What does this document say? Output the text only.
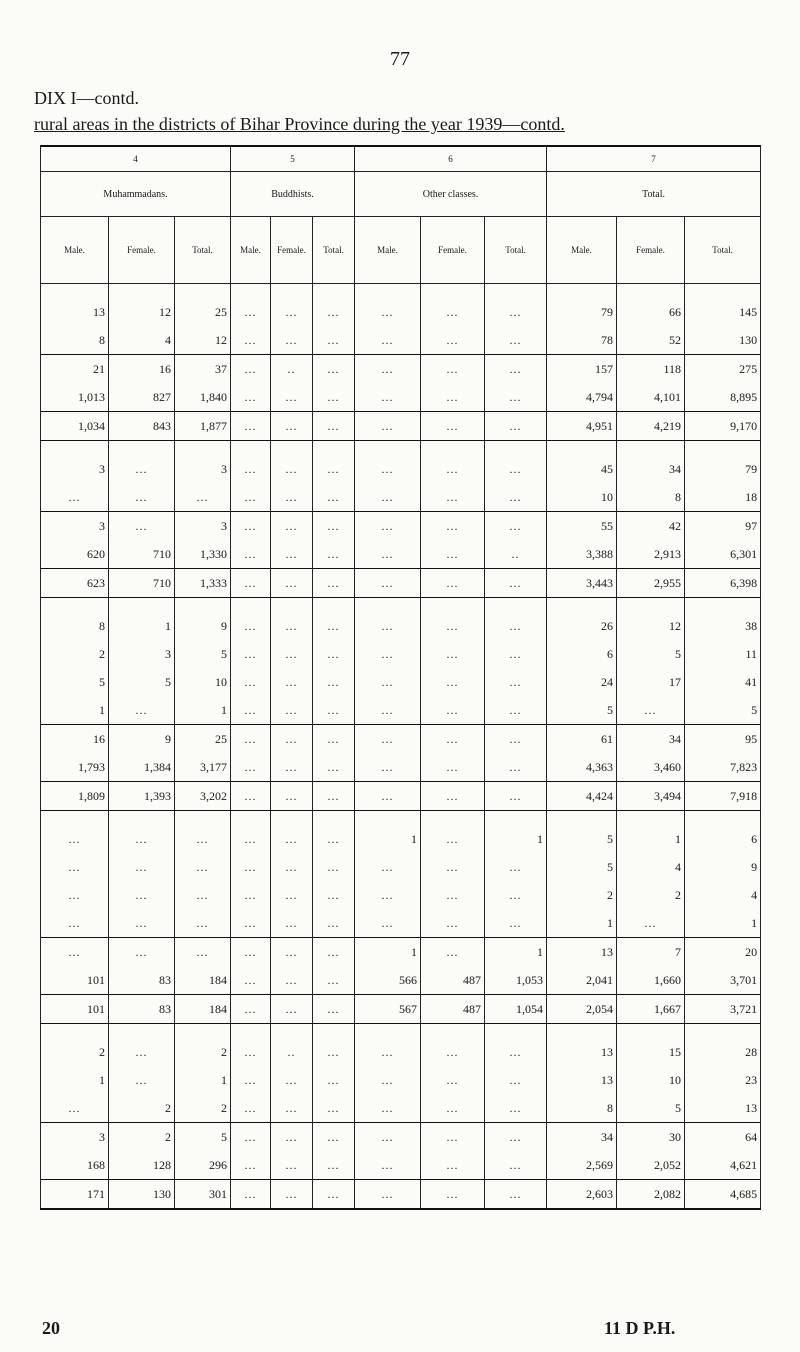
77
DIX I—contd.
rural areas in the districts of Bihar Province during the year 1939—contd.
4			5			6			7		
Muhammadans.			Buddhists.			Other classes.			Total.		
Male.	Female.	Total.	Male.	Female.	Total.	Male.	Female.	Total.	Male.	Female.	Total.

13	12	25	...	...	...	...	...	...	79	66	145
8	4	12	...	...	...	...	...	...	78	52	130
21	16	37	...	..	...	...	...	...	157	118	275
1,013	827	1,840	...	...	...	...	...	...	4,794	4,101	8,895
1,034	843	1,877	...	...	...	...	...	...	4,951	4,219	9,170

3	...	3	...	...	...	...	...	...	45	34	79
...	...	...	...	...	...	...	...	...	10	8	18
3	...	3	...	...	...	...	...	...	55	42	97
620	710	1,330	...	...	...	...	...	..	3,388	2,913	6,301
623	710	1,333	...	...	...	...	...	...	3,443	2,955	6,398

8	1	9	...	...	...	...	...	...	26	12	38
2	3	5	...	...	...	...	...	...	6	5	11
5	5	10	...	...	...	...	...	...	24	17	41
1	...	1	...	...	...	...	...	...	5	...	5
16	9	25	...	...	...	...	...	...	61	34	95
1,793	1,384	3,177	...	...	...	...	...	...	4,363	3,460	7,823
1,809	1,393	3,202	...	...	...	...	...	...	4,424	3,494	7,918

...	...	...	...	...	...	1	...	1	5	1	6
...	...	...	...	...	...	...	...	...	5	4	9
...	...	...	...	...	...	...	...	...	2	2	4
...	...	...	...	...	...	...	...	...	1	...	1
...	...	...	...	...	...	1	...	1	13	7	20
101	83	184	...	...	...	566	487	1,053	2,041	1,660	3,701
101	83	184	...	...	...	567	487	1,054	2,054	1,667	3,721

2	...	2	...	..	...	...	...	...	13	15	28
1	...	1	...	...	...	...	...	...	13	10	23
...	2	2	...	...	...	...	...	...	8	5	13
3	2	5	...	...	...	...	...	...	34	30	64
168	128	296	...	...	...	...	...	...	2,569	2,052	4,621
171	130	301	...	...	...	...	...	...	2,603	2,082	4,685
20	11 D P.H.
